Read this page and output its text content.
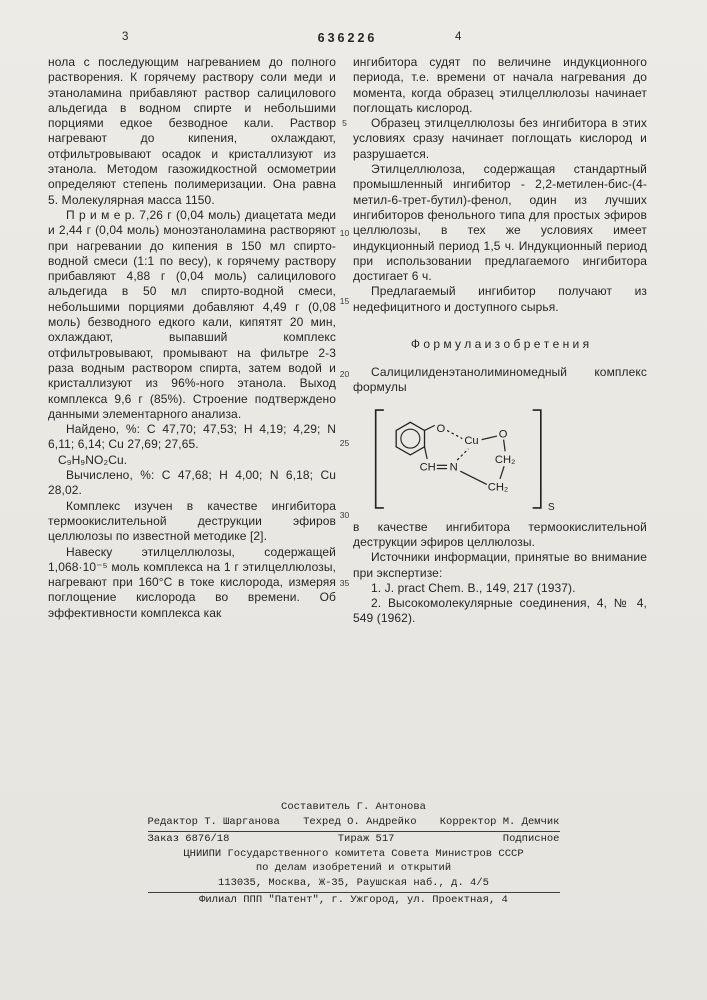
3	636226	4

нола с последующим нагреванием до полного растворения. К горячему раствору соли меди и этаноламина прибавляют раствор салицилового альдегида в водном спирте и небольшими порциями едкое безводное кали. Раствор нагревают до кипения, охлаждают, отфильтровывают осадок и кристаллизуют из этанола. Методом газожидкостной осмометрии определяют степень полимеризации. Она равна 5. Молекулярная масса 1150.

П р и м е р. 7,26 г (0,04 моль) диацетата меди и 2,44 г (0,04 моль) моноэтаноламина растворяют при нагревании до кипения в 150 мл спирто-водной смеси (1:1 по весу), к горячему раствору прибавляют 4,88 г (0,04 моль) салицилового альдегида в 50 мл спирто-водной смеси, небольшими порциями добавляют 4,49 г (0,08 моль) безводного едкого кали, кипятят 20 мин, охлаждают, выпавший комплекс отфильтровывают, промывают на фильтре 2-3 раза водным раствором спирта, затем водой и кристаллизуют из 96%-ного этанола. Выход комплекса 9,6 г (85%). Строение подтверждено данными элементарного анализа.

Найдено, %: С 47,70; 47,53; Н 4,19; 4,29; N 6,11; 6,14; Cu 27,69; 27,65.

C₉H₉NO₂Cu.

Вычислено, %: С 47,68; Н 4,00; N 6,18; Cu 28,02.

Комплекс изучен в качестве ингибитора термоокислительной деструкции эфиров целлюлозы по известной методике [2].

Навеску этилцеллюлозы, содержащей 1,068·10⁻⁵ моль комплекса на 1 г этилцеллюлозы, нагревают при 160°С в токе кислорода, измеряя поглощение кислорода во времени. Об эффективности комплекса как

5
10
15
20
25
30
35

ингибитора судят по величине индукционного периода, т.е. времени от начала нагревания до момента, когда образец этилцеллюлозы начинает поглощать кислород.

Образец этилцеллюлозы без ингибитора в этих условиях сразу начинает поглощать кислород и разрушается.

Этилцеллюлоза, содержащая стандартный промышленный ингибитор - 2,2-метилен-бис-(4-метил-6-трет-бутил)-фенол, один из лучших ингибиторов фенольного типа для простых эфиров целлюлозы, в тех же условиях имеет индукционный период 1,5 ч. Индукционный период при использовании предлагаемого ингибитора достигает 6 ч.

Предлагаемый ингибитор получают из недефицитного и доступного сырья.

Ф о р м у л а и з о б р е т е н и я

Салицилиденэтанолиминомедный комплекс формулы

O
Cu
O
CH N
CH₂
CH₂
S

в качестве ингибитора термоокислительной деструкции эфиров целлюлозы.

Источники информации, принятые во внимание при экспертизе:

1. J. pract Chem. B., 149, 217 (1937).

2. Высокомолекулярные соединения, 4, № 4, 549 (1962).

Составитель Г. Антонова
Редактор Т. Шарганова Техред О. Андрейко Корректор М. Демчик
Заказ 6876/18	Тираж 517	Подписное
ЦНИИПИ Государственного комитета Совета Министров СССР
по делам изобретений и открытий
113035, Москва, Ж-35, Раушская наб., д. 4/5
Филиал ППП "Патент", г. Ужгород, ул. Проектная, 4
